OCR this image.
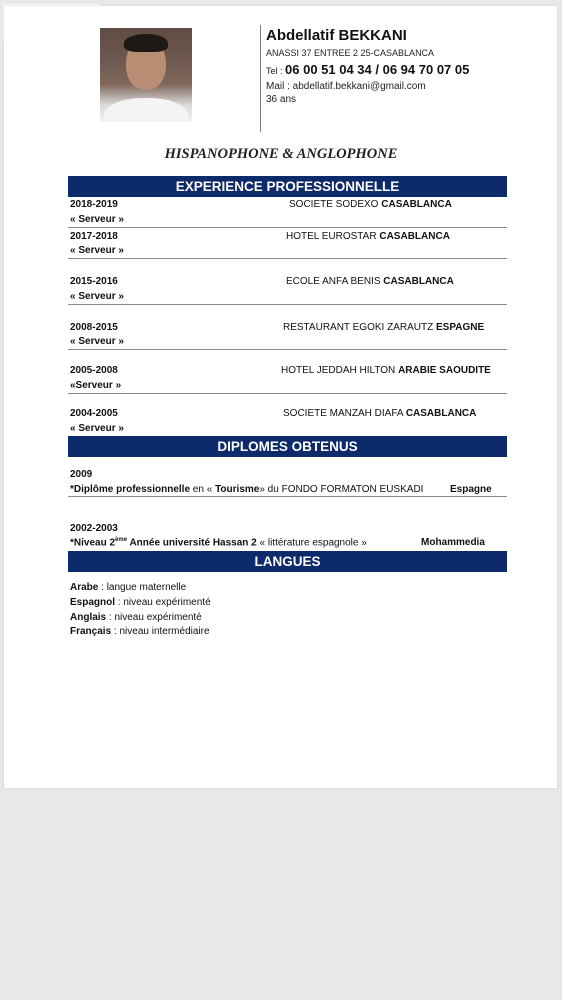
Abdellatif BEKKANI
ANASSI 37 ENTREE 2 25-CASABLANCA
Tel : 06 00 51 04 34 / 06 94 70 07 05
Mail : abdellatif.bekkani@gmail.com
36 ans
HISPANOPHONE & ANGLOPHONE
EXPERIENCE PROFESSIONNELLE
2018-2019	SOCIETE SODEXO CASABLANCA
« Serveur »
2017-2018	HOTEL EUROSTAR CASABLANCA
« Serveur »
2015-2016	ECOLE ANFA BENIS CASABLANCA
« Serveur »
2008-2015	RESTAURANT EGOKI ZARAUTZ ESPAGNE
« Serveur »
2005-2008	HOTEL JEDDAH HILTON ARABIE SAOUDITE
«Serveur »
2004-2005	SOCIETE MANZAH DIAFA CASABLANCA
« Serveur »
DIPLOMES OBTENUS
2009
*Diplôme professionnelle en « Tourisme» du FONDO FORMATON EUSKADI	Espagne
2002-2003
*Niveau 2ème Année université Hassan 2 « littérature espagnole »	Mohammedia
LANGUES
Arabe : langue maternelle
Espagnol : niveau expérimenté
Anglais : niveau expérimenté
Français : niveau intermédiaire
